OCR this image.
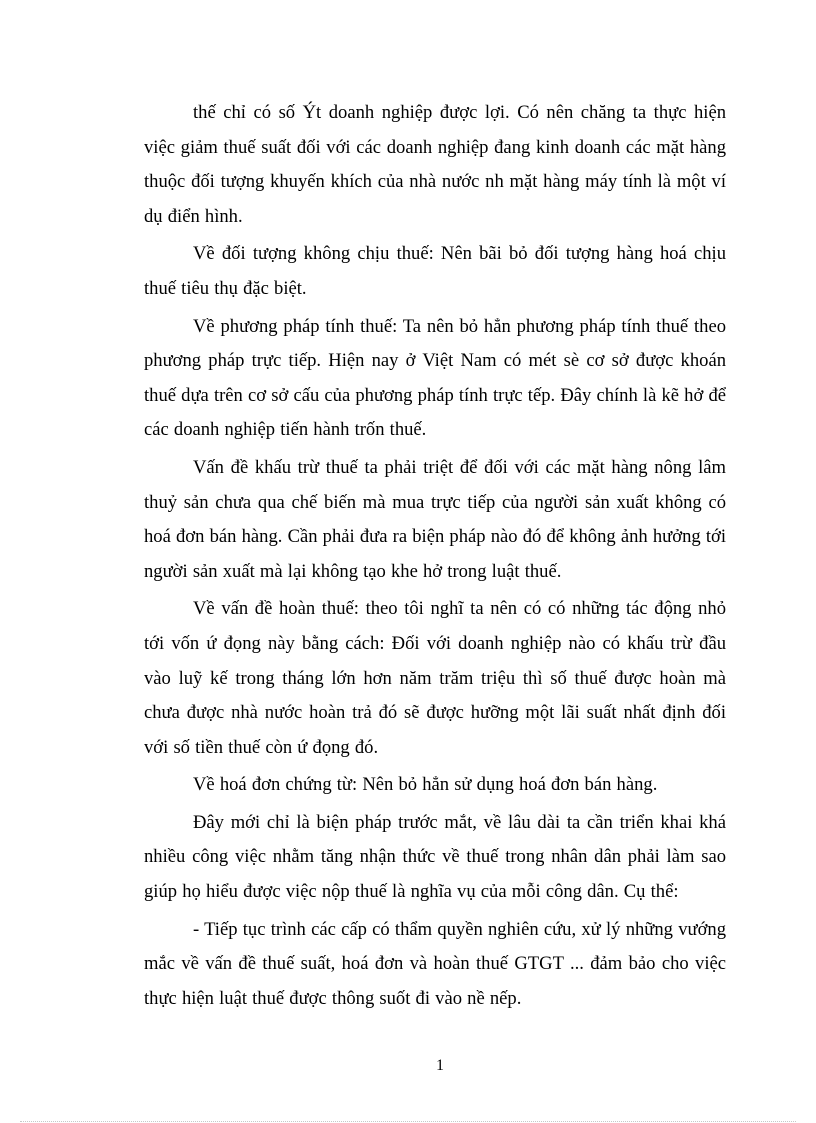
thế chỉ có số Ýt doanh nghiệp được lợi. Có nên chăng ta thực hiện việc giảm thuế suất đối với các doanh nghiệp đang kinh doanh các mặt hàng thuộc đối tượng khuyến khích của nhà nước nh mặt hàng máy tính là một ví dụ điển hình.

Về đối tượng không chịu thuế: Nên bãi bỏ đối tượng hàng hoá chịu thuế tiêu thụ đặc biệt.

Về phương pháp tính thuế: Ta nên bỏ hẳn phương pháp tính thuế theo phương pháp trực tiếp. Hiện nay ở Việt Nam có mét sè cơ sở được khoán thuế dựa trên cơ sở cấu của phương pháp tính trực tếp. Đây chính là kẽ hở để các doanh nghiệp tiến hành trốn thuế.

Vấn đề khấu trừ thuế ta phải triệt để đối với các mặt hàng nông lâm thuỷ sản chưa qua chế biến mà mua trực tiếp của người sản xuất không có hoá đơn bán hàng. Cần phải đưa ra biện pháp nào đó để không ảnh hưởng tới người sản xuất mà lại không tạo khe hở trong luật thuế.

Về vấn đề hoàn thuế: theo tôi nghĩ ta nên có có những tác động nhỏ tới vốn ứ đọng này bằng cách: Đối với doanh nghiệp nào có khấu trừ đầu vào luỹ kế trong tháng lớn hơn năm trăm triệu thì số thuế được hoàn mà chưa được nhà nước hoàn trả đó sẽ được hưỡng một lãi suất nhất định đối với số tiền thuế còn ứ đọng đó.

Về hoá đơn chứng từ: Nên bỏ hẳn sử dụng hoá đơn bán hàng.

Đây mới chỉ là biện pháp trước mắt, về lâu dài ta cần triển khai khá nhiều công việc nhằm tăng nhận thức về thuế trong nhân dân phải làm sao giúp họ hiểu được việc nộp thuế là nghĩa vụ của mỗi công dân. Cụ thể:

- Tiếp tục trình các cấp có thẩm quyền nghiên cứu, xử lý những vướng mắc về vấn đề thuế suất, hoá đơn và hoàn thuế GTGT ... đảm bảo cho việc thực hiện luật thuế được thông suốt đi vào nề nếp.

1
